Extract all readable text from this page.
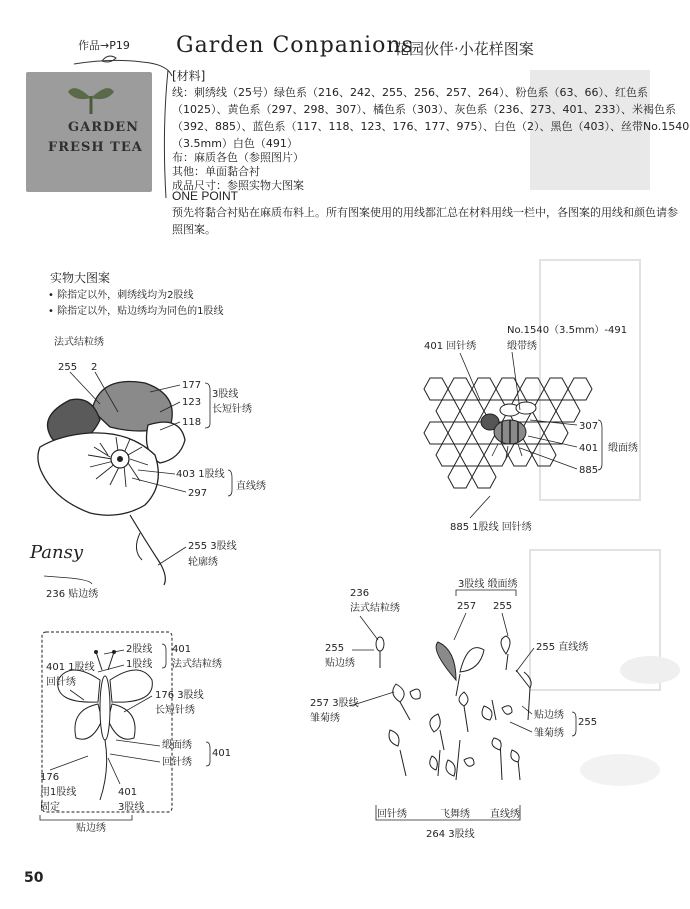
作品→P19 Garden Conpanions
花园伙伴·小花样图案
GARDEN
FRESH TEA
[材料]
线：刺绣线（25号）绿色系（216、242、255、256、257、264）、粉色系（63、66）、红色系
（1025）、黄色系（297、298、307）、橘色系（303）、灰色系（236、273、401、233）、米褐色系
（392、885）、蓝色系（117、118、123、176、177、975）、白色（2）、黑色（403）、丝带No.1540
（3.5mm）白色（491）
布：麻质各色（参照图片）
其他：单面黏合衬
成品尺寸：参照实物大图案
ONE POINT
预先将黏合衬贴在麻质布料上。所有图案使用的用线都汇总在材料用线一栏中，各图案的用线和颜色请参
照图案。
实物大图案
• 除指定以外，刺绣线均为2股线
• 除指定以外，贴边绣均为同色的1股线
法式结粒绣
255 2
177
123
118
3股线
长短针绣
403 1股线
297
直线绣
255 3股线
轮廓绣
Pansy
236 贴边绣
401 回针绣
No.1540（3.5mm）-491
缎带绣
307
401
885
缎面绣
885 1股线 回针绣
2股线
1股线
401
法式结粒绣
401 1股线
回针绣
176 3股线
长短针绣
缎面绣
回针绣
401
176
用1股线
固定
401
3股线
贴边绣
236
法式结粒绣
3股线 缎面绣
257 255
255 直线绣
255
贴边绣
257 3股线
雏菊绣	贴边绣
雏菊绣
255
回针绣	飞舞绣 直线绣
264 3股线
50
